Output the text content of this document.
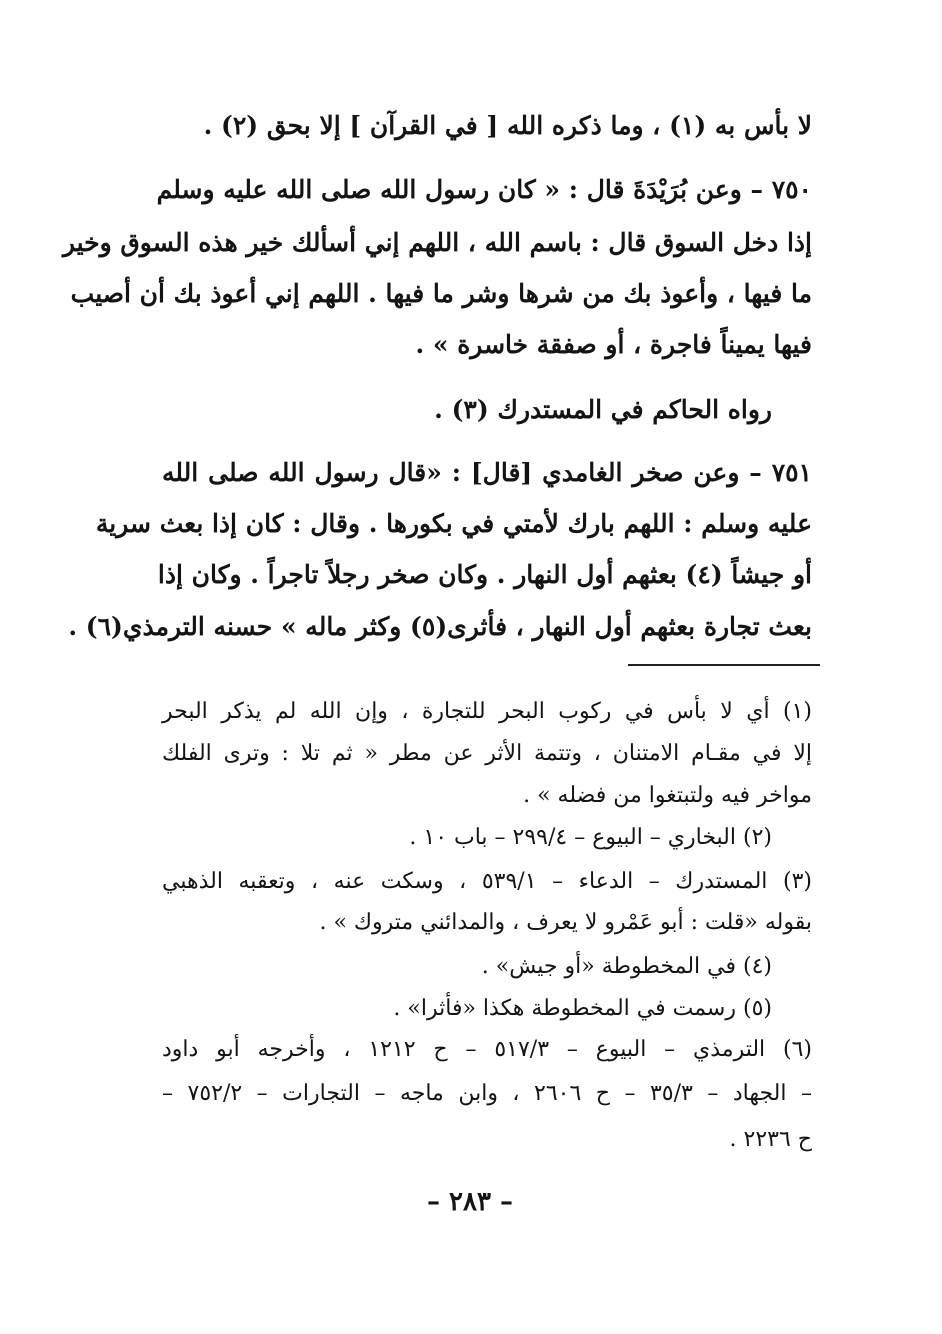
لا بأس به (١) ، وما ذكره الله [ في القرآن ] إلا بحق (٢) .
٧٥٠ – وعن بُرَيْدَةَ قال : « كان رسول الله صلى الله عليه وسلم
إذا دخل السوق قال : باسم الله ، اللهم إني أسألك خير هذه السوق وخير
ما فيها ، وأعوذ بك من شرها وشر ما فيها . اللهم إني أعوذ بك أن أصيب
فيها يميناً فاجرة ، أو صفقة خاسرة » .
رواه الحاكم في المستدرك (٣) .
٧٥١ – وعن صخر الغامدي [قال] : «قال رسول الله صلى الله
عليه وسلم : اللهم بارك لأمتي في بكورها . وقال : كان إذا بعث سرية
أو جيشاً (٤) بعثهم أول النهار . وكان صخر رجلاً تاجراً . وكان إذا
بعث تجارة بعثهم أول النهار ، فأثرى(٥) وكثر ماله » حسنه الترمذي(٦) .
(١) أي لا بأس في ركوب البحر للتجارة ، وإن الله لم يذكر البحر
إلا في مقـام الامتنان ، وتتمة الأثر عن مطر « ثم تلا : وترى الفلك
مواخر فيه ولتبتغوا من فضله » .
(٢) البخاري – البيوع – ٢٩٩/٤ – باب ١٠ .
(٣) المستدرك – الدعاء – ٥٣٩/١ ، وسكت عنه ، وتعقبه الذهبي
بقوله «قلت : أبو عَمْرو لا يعرف ، والمدائني متروك » .
(٤) في المخطوطة «أو جيش» .
(٥) رسمت في المخطوطة هكذا «فأثرا» .
(٦) الترمذي – البيوع – ٥١٧/٣ – ح ١٢١٢ ، وأخرجه أبو داود
– الجهاد – ٣٥/٣ – ح ٢٦٠٦ ، وابن ماجه – التجارات – ٧٥٢/٢ –
ح ٢٢٣٦ .
– ٢٨٣ –
